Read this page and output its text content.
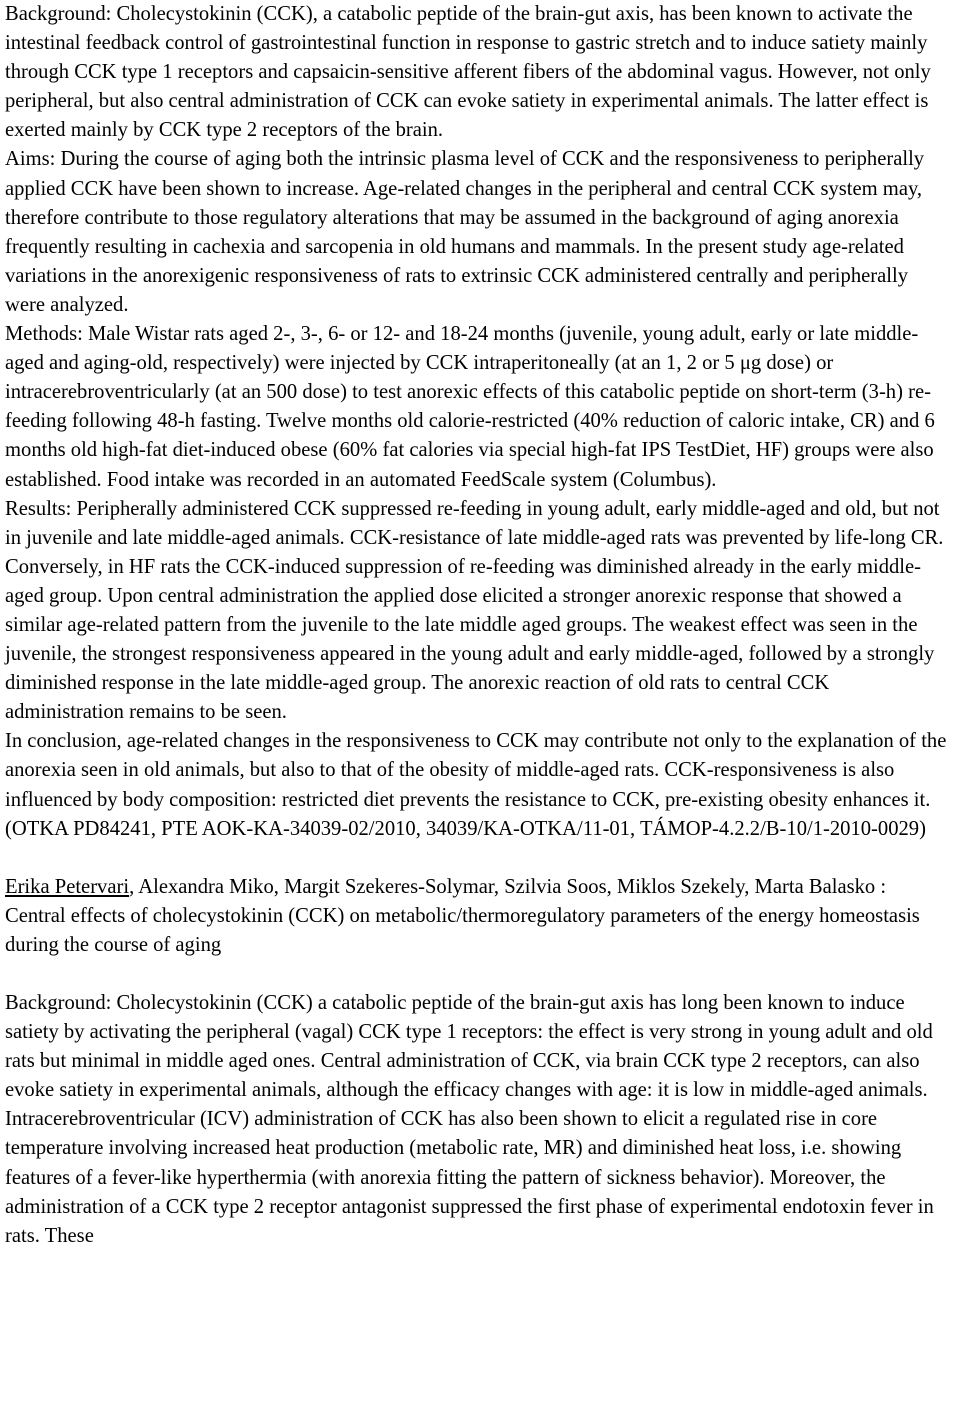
Background: Cholecystokinin (CCK), a catabolic peptide of the brain-gut axis, has been known to activate the intestinal feedback control of gastrointestinal function in response to gastric stretch and to induce satiety mainly through CCK type 1 receptors and capsaicin-sensitive afferent fibers of the abdominal vagus. However, not only peripheral, but also central administration of CCK can evoke satiety in experimental animals. The latter effect is exerted mainly by CCK type 2 receptors of the brain.

Aims: During the course of aging both the intrinsic plasma level of CCK and the responsiveness to peripherally applied CCK have been shown to increase. Age-related changes in the peripheral and central CCK system may, therefore contribute to those regulatory alterations that may be assumed in the background of aging anorexia frequently resulting in cachexia and sarcopenia in old humans and mammals. In the present study age-related variations in the anorexigenic responsiveness of rats to extrinsic CCK administered centrally and peripherally were analyzed.

Methods: Male Wistar rats aged 2-, 3-, 6- or 12- and 18-24 months (juvenile, young adult, early or late middle-aged and aging-old, respectively) were injected by CCK intraperitoneally (at an 1, 2 or 5 μg dose) or intracerebroventricularly (at an 500 dose) to test anorexic effects of this catabolic peptide on short-term (3-h) re-feeding following 48-h fasting. Twelve months old calorie-restricted (40% reduction of caloric intake, CR) and 6 months old high-fat diet-induced obese (60% fat calories via special high-fat IPS TestDiet, HF) groups were also established. Food intake was recorded in an automated FeedScale system (Columbus).

Results: Peripherally administered CCK suppressed re-feeding in young adult, early middle-aged and old, but not in juvenile and late middle-aged animals. CCK-resistance of late middle-aged rats was prevented by life-long CR. Conversely, in HF rats the CCK-induced suppression of re-feeding was diminished already in the early middle-aged group. Upon central administration the applied dose elicited a stronger anorexic response that showed a similar age-related pattern from the juvenile to the late middle aged groups. The weakest effect was seen in the juvenile, the strongest responsiveness appeared in the young adult and early middle-aged, followed by a strongly diminished response in the late middle-aged group. The anorexic reaction of old rats to central CCK administration remains to be seen.

In conclusion, age-related changes in the responsiveness to CCK may contribute not only to the explanation of the anorexia seen in old animals, but also to that of the obesity of middle-aged rats. CCK-responsiveness is also influenced by body composition: restricted diet prevents the resistance to CCK, pre-existing obesity enhances it. (OTKA PD84241, PTE AOK-KA-34039-02/2010, 34039/KA-OTKA/11-01, TÁMOP-4.2.2/B-10/1-2010-0029)

Erika Petervari, Alexandra Miko, Margit Szekeres-Solymar, Szilvia Soos, Miklos Szekely, Marta Balasko : Central effects of cholecystokinin (CCK) on metabolic/thermoregulatory parameters of the energy homeostasis during the course of aging

Background: Cholecystokinin (CCK) a catabolic peptide of the brain-gut axis has long been known to induce satiety by activating the peripheral (vagal) CCK type 1 receptors: the effect is very strong in young adult and old rats but minimal in middle aged ones. Central administration of CCK, via brain CCK type 2 receptors, can also evoke satiety in experimental animals, although the efficacy changes with age: it is low in middle-aged animals. Intracerebroventricular (ICV) administration of CCK has also been shown to elicit a regulated rise in core temperature involving increased heat production (metabolic rate, MR) and diminished heat loss, i.e. showing features of a fever-like hyperthermia (with anorexia fitting the pattern of sickness behavior). Moreover, the administration of a CCK type 2 receptor antagonist suppressed the first phase of experimental endotoxin fever in rats. These
